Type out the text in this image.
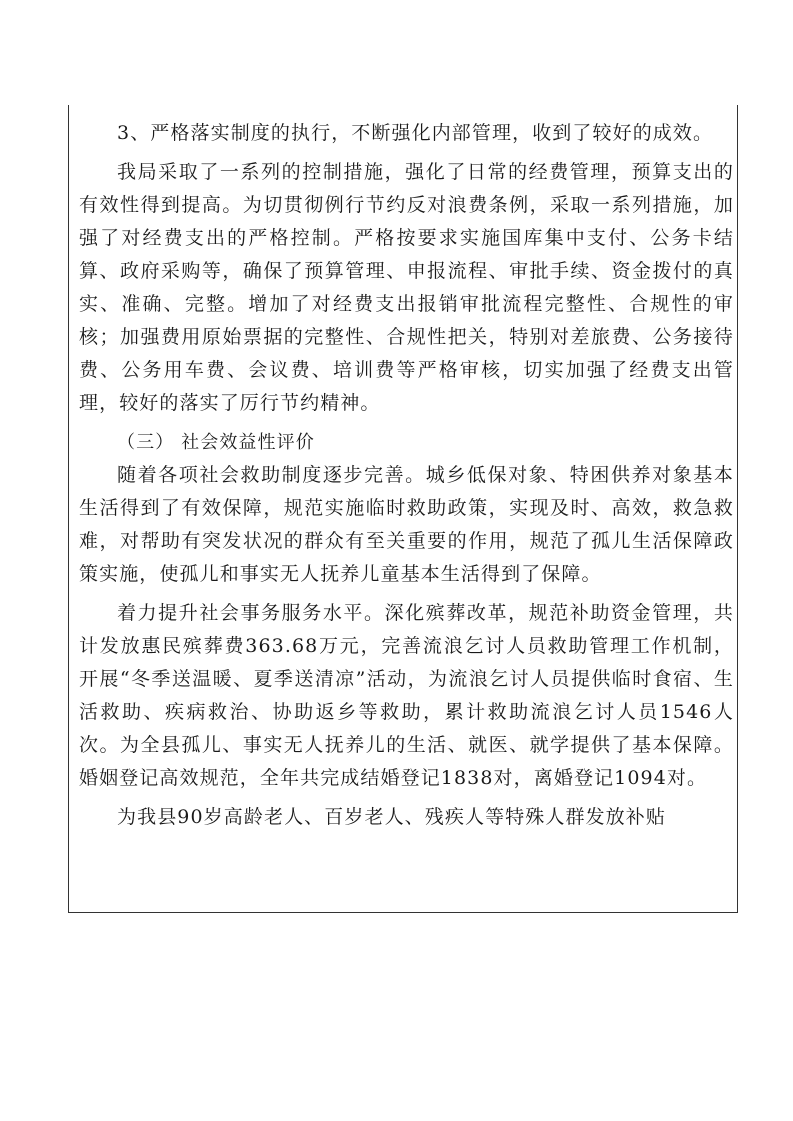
3、严格落实制度的执行，不断强化内部管理，收到了较好的成效。

我局采取了一系列的控制措施，强化了日常的经费管理，预算支出的有效性得到提高。为切贯彻例行节约反对浪费条例，采取一系列措施，加强了对经费支出的严格控制。严格按要求实施国库集中支付、公务卡结算、政府采购等，确保了预算管理、申报流程、审批手续、资金拨付的真实、准确、完整。增加了对经费支出报销审批流程完整性、合规性的审核；加强费用原始票据的完整性、合规性把关，特别对差旅费、公务接待费、公务用车费、会议费、培训费等严格审核，切实加强了经费支出管理，较好的落实了厉行节约精神。

（三） 社会效益性评价

随着各项社会救助制度逐步完善。城乡低保对象、特困供养对象基本生活得到了有效保障，规范实施临时救助政策，实现及时、高效，救急救难，对帮助有突发状况的群众有至关重要的作用，规范了孤儿生活保障政策实施，使孤儿和事实无人抚养儿童基本生活得到了保障。

着力提升社会事务服务水平。深化殡葬改革，规范补助资金管理，共计发放惠民殡葬费363.68万元，完善流浪乞讨人员救助管理工作机制，开展“冬季送温暖、夏季送清凉”活动，为流浪乞讨人员提供临时食宿、生活救助、疾病救治、协助返乡等救助，累计救助流浪乞讨人员1546人次。为全县孤儿、事实无人抚养儿的生活、就医、就学提供了基本保障。婚姻登记高效规范，全年共完成结婚登记1838对，离婚登记1094对。

为我县90岁高龄老人、百岁老人、残疾人等特殊人群发放补贴
